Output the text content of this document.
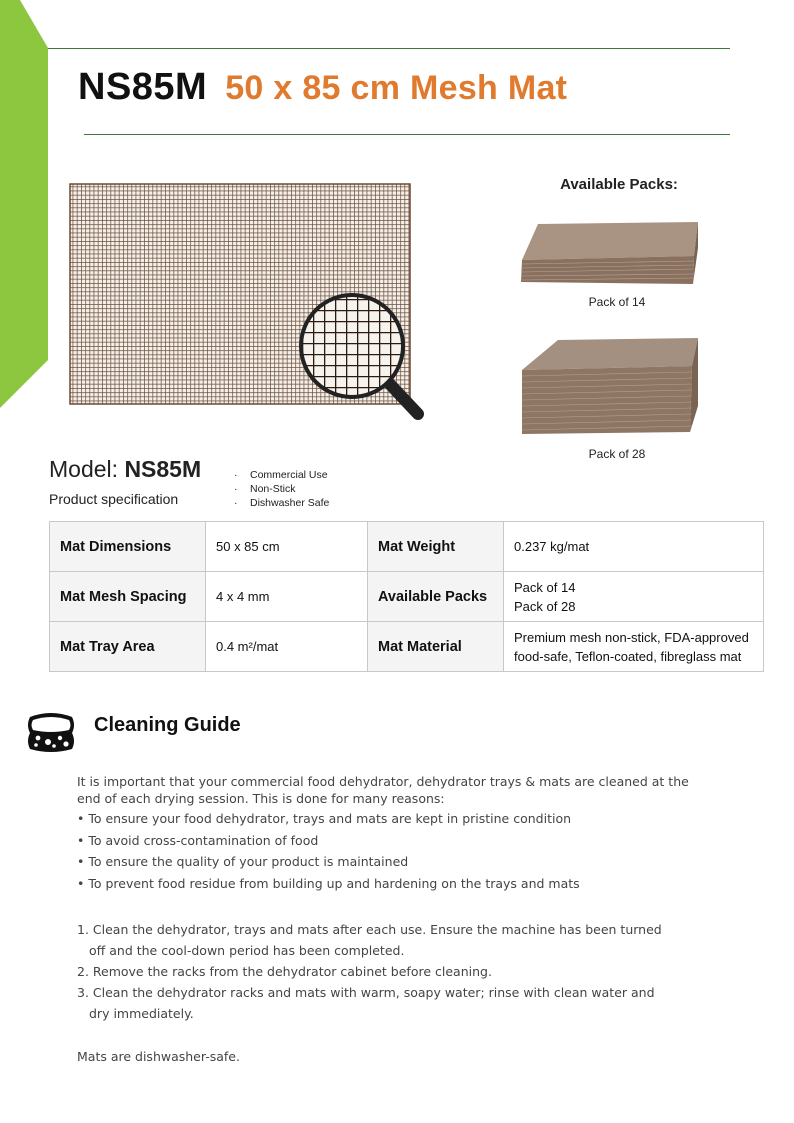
NS85M 50 x 85 cm Mesh Mat
Available Packs:
Pack of 14
Pack of 28
Model: NS85M
Product specification
· Commercial Use
· Non-Stick
· Dishwasher Safe
Mat Dimensions	50 x 85 cm	Mat Weight	0.237 kg/mat

Mat Mesh Spacing	4 x 4 mm	Available Packs	Pack of 14
Pack of 28

Mat Tray Area	0.4 m²/mat	Mat Material	Premium mesh non-stick, FDA-approved
food-safe, Teflon-coated, fibreglass mat
Cleaning Guide

It is important that your commercial food dehydrator, dehydrator trays & mats are cleaned at the

end of each drying session. This is done for many reasons:

• To ensure your food dehydrator, trays and mats are kept in pristine condition
• To avoid cross-contamination of food
• To ensure the quality of your product is maintained
• To prevent food residue from building up and hardening on the trays and mats
1. Clean the dehydrator, trays and mats after each use. Ensure the machine has been turned
off and the cool-down period has been completed.
2. Remove the racks from the dehydrator cabinet before cleaning.
3. Clean the dehydrator racks and mats with warm, soapy water; rinse with clean water and
dry immediately.
Mats are dishwasher-safe.
